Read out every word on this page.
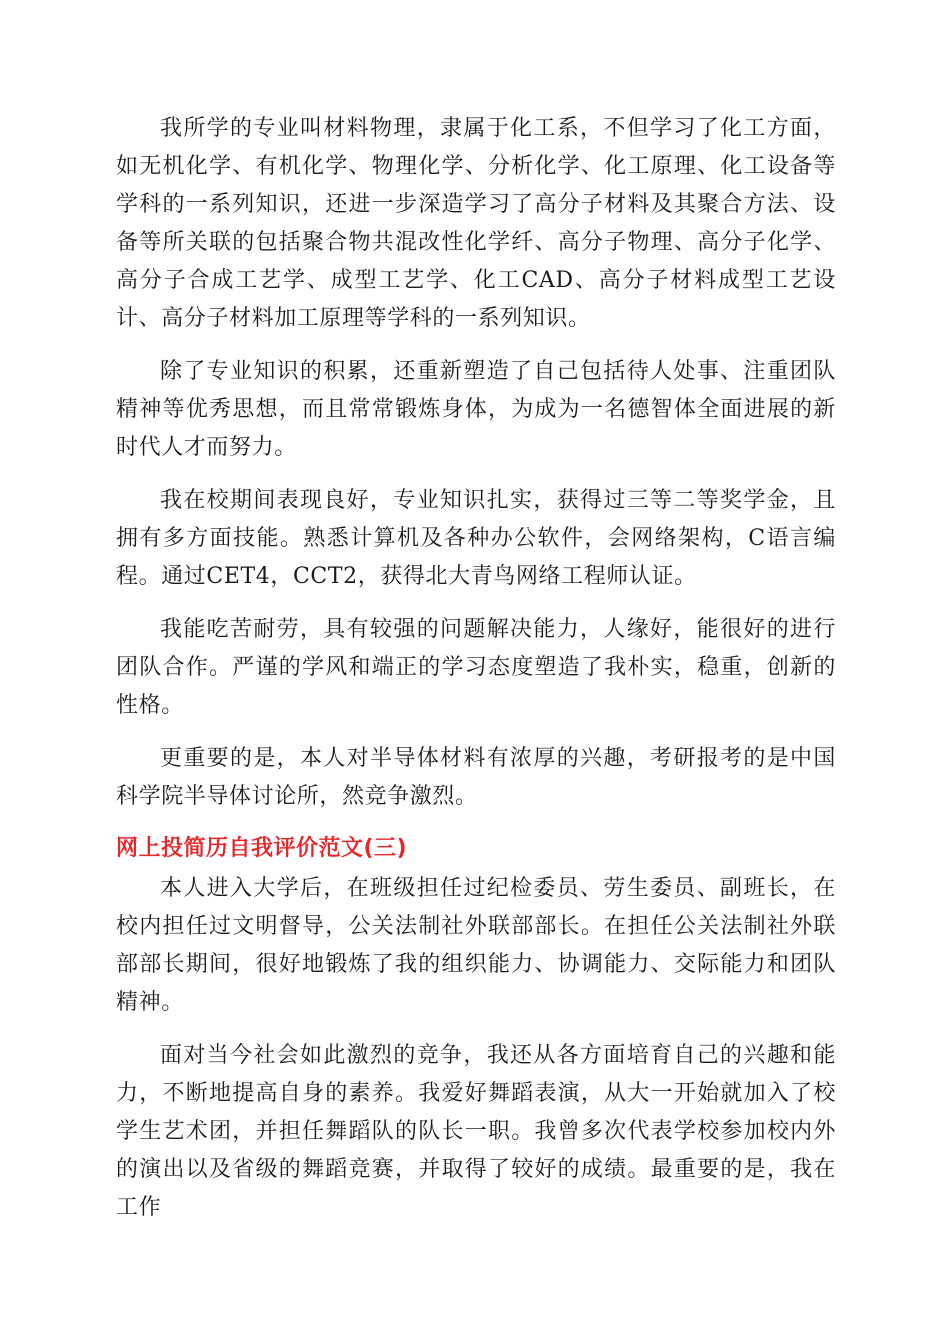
我所学的专业叫材料物理，隶属于化工系，不但学习了化工方面，如无机化学、有机化学、物理化学、分析化学、化工原理、化工设备等学科的一系列知识，还进一步深造学习了高分子材料及其聚合方法、设备等所关联的包括聚合物共混改性化学纤、高分子物理、高分子化学、高分子合成工艺学、成型工艺学、化工CAD、高分子材料成型工艺设计、高分子材料加工原理等学科的一系列知识。

除了专业知识的积累，还重新塑造了自己包括待人处事、注重团队精神等优秀思想，而且常常锻炼身体，为成为一名德智体全面进展的新时代人才而努力。

我在校期间表现良好，专业知识扎实，获得过三等二等奖学金，且拥有多方面技能。熟悉计算机及各种办公软件，会网络架构，C语言编程。通过CET4，CCT2，获得北大青鸟网络工程师认证。

我能吃苦耐劳，具有较强的问题解决能力，人缘好，能很好的进行团队合作。严谨的学风和端正的学习态度塑造了我朴实，稳重，创新的性格。

更重要的是，本人对半导体材料有浓厚的兴趣，考研报考的是中国科学院半导体讨论所，然竞争激烈。

网上投简历自我评价范文(三)

本人进入大学后，在班级担任过纪检委员、劳生委员、副班长，在校内担任过文明督导，公关法制社外联部部长。在担任公关法制社外联部部长期间，很好地锻炼了我的组织能力、协调能力、交际能力和团队精神。

面对当今社会如此激烈的竞争，我还从各方面培育自己的兴趣和能力，不断地提高自身的素养。我爱好舞蹈表演，从大一开始就加入了校学生艺术团，并担任舞蹈队的队长一职。我曾多次代表学校参加校内外的演出以及省级的舞蹈竞赛，并取得了较好的成绩。最重要的是，我在工作
